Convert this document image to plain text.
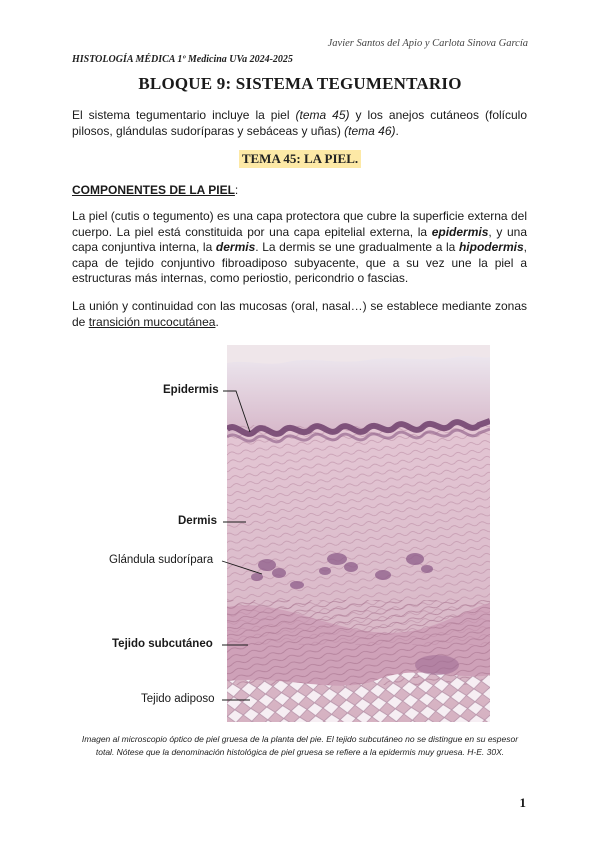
Javier Santos del Apio y Carlota Sinova García
HISTOLOGÍA MÉDICA 1º Medicina UVa 2024-2025
BLOQUE 9: SISTEMA TEGUMENTARIO
El sistema tegumentario incluye la piel (tema 45) y los anejos cutáneos (folículo pilosos, glándulas sudoríparas y sebáceas y uñas) (tema 46).
TEMA 45: LA PIEL.
COMPONENTES DE LA PIEL:
La piel (cutis o tegumento) es una capa protectora que cubre la superficie externa del cuerpo. La piel está constituida por una capa epitelial externa, la epidermis, y una capa conjuntiva interna, la dermis. La dermis se une gradualmente a la hipodermis, capa de tejido conjuntivo fibroadiposo subyacente, que a su vez une la piel a estructuras más internas, como periostio, pericondrio o fascias.
La unión y continuidad con las mucosas (oral, nasal…) se establece mediante zonas de transición mucocutánea.
Epidermis
Dermis
Glándula sudorípara
Tejido subcutáneo
Tejido adiposo
Imagen al microscopio óptico de piel gruesa de la planta del pie. El tejido subcutáneo no se distingue en su espesor total. Nótese que la denominación histológica de piel gruesa se refiere a la epidermis muy gruesa. H-E. 30X.
1
